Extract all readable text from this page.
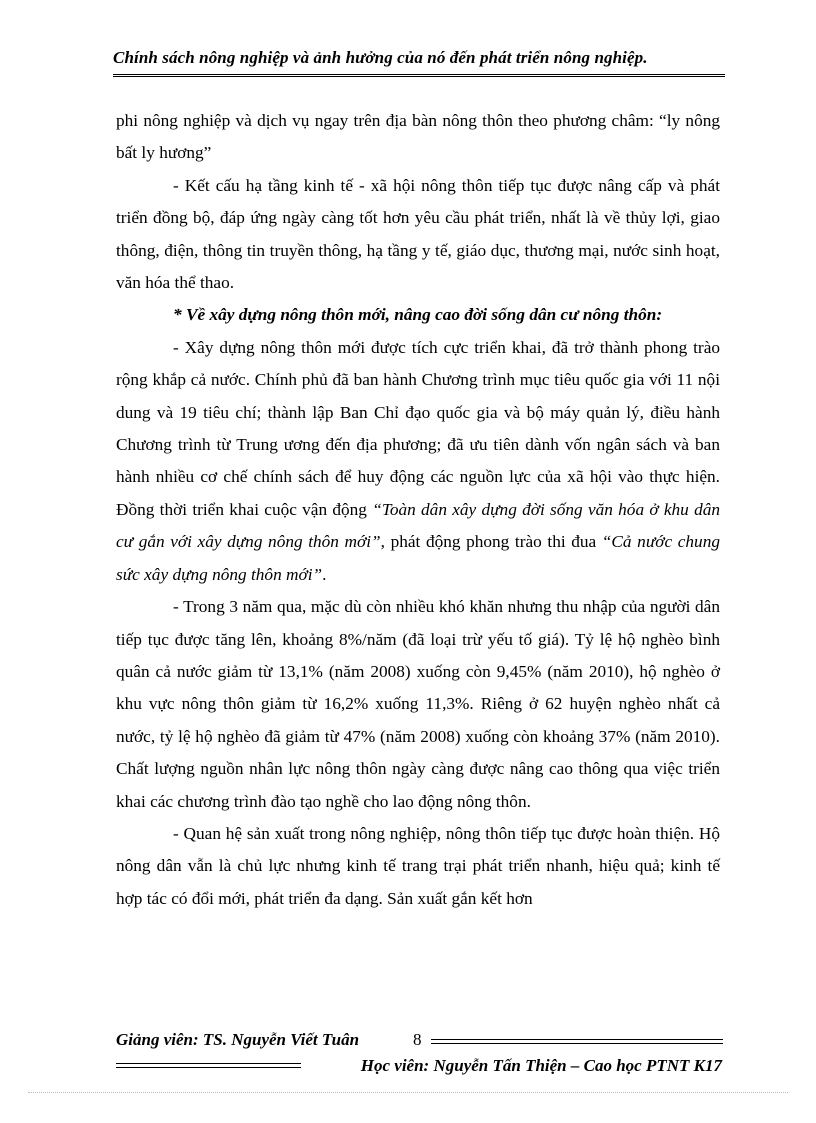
Chính sách nông nghiệp và ảnh hưởng của nó đến phát triển nông nghiệp.

phi nông nghiệp và dịch vụ ngay trên địa bàn nông thôn theo phương châm: “ly nông bất ly hương”

- Kết cấu hạ tầng kinh tế - xã hội nông thôn tiếp tục được nâng cấp và phát triển đồng bộ, đáp ứng ngày càng tốt hơn yêu cầu phát triển, nhất là về thủy lợi, giao thông, điện, thông tin truyền thông, hạ tầng y tế, giáo dục, thương mại, nước sinh hoạt, văn hóa thể thao.

* Về xây dựng nông thôn mới, nâng cao đời sống dân cư nông thôn:

- Xây dựng nông thôn mới được tích cực triển khai, đã trở thành phong trào rộng khắp cả nước. Chính phủ đã ban hành Chương trình mục tiêu quốc gia với 11 nội dung và 19 tiêu chí; thành lập Ban Chỉ đạo quốc gia và bộ máy quản lý, điều hành Chương trình từ Trung ương đến địa phương; đã ưu tiên dành vốn ngân sách và ban hành nhiều cơ chế chính sách để huy động các nguồn lực của xã hội vào thực hiện. Đồng thời triển khai cuộc vận động “Toàn dân xây dựng đời sống văn hóa ở khu dân cư gắn với xây dựng nông thôn mới”, phát động phong trào thi đua “Cả nước chung sức xây dựng nông thôn mới”.

- Trong 3 năm qua, mặc dù còn nhiều khó khăn nhưng thu nhập của người dân tiếp tục được tăng lên, khoảng 8%/năm (đã loại trừ yếu tố giá). Tỷ lệ hộ nghèo bình quân cả nước giảm từ 13,1% (năm 2008) xuống còn 9,45% (năm 2010), hộ nghèo ở khu vực nông thôn giảm từ 16,2% xuống 11,3%. Riêng ở 62 huyện nghèo nhất cả nước, tỷ lệ hộ nghèo đã giảm từ 47% (năm 2008) xuống còn khoảng 37% (năm 2010). Chất lượng nguồn nhân lực nông thôn ngày càng được nâng cao thông qua việc triển khai các chương trình đào tạo nghề cho lao động nông thôn.

- Quan hệ sản xuất trong nông nghiệp, nông thôn tiếp tục được hoàn thiện. Hộ nông dân vẫn là chủ lực nhưng kinh tế trang trại phát triển nhanh, hiệu quả; kinh tế hợp tác có đổi mới, phát triển đa dạng. Sản xuất gắn kết hơn

Giảng viên: TS. Nguyễn Viết Tuân	8
Học viên: Nguyễn Tấn Thiện – Cao học PTNT K17
